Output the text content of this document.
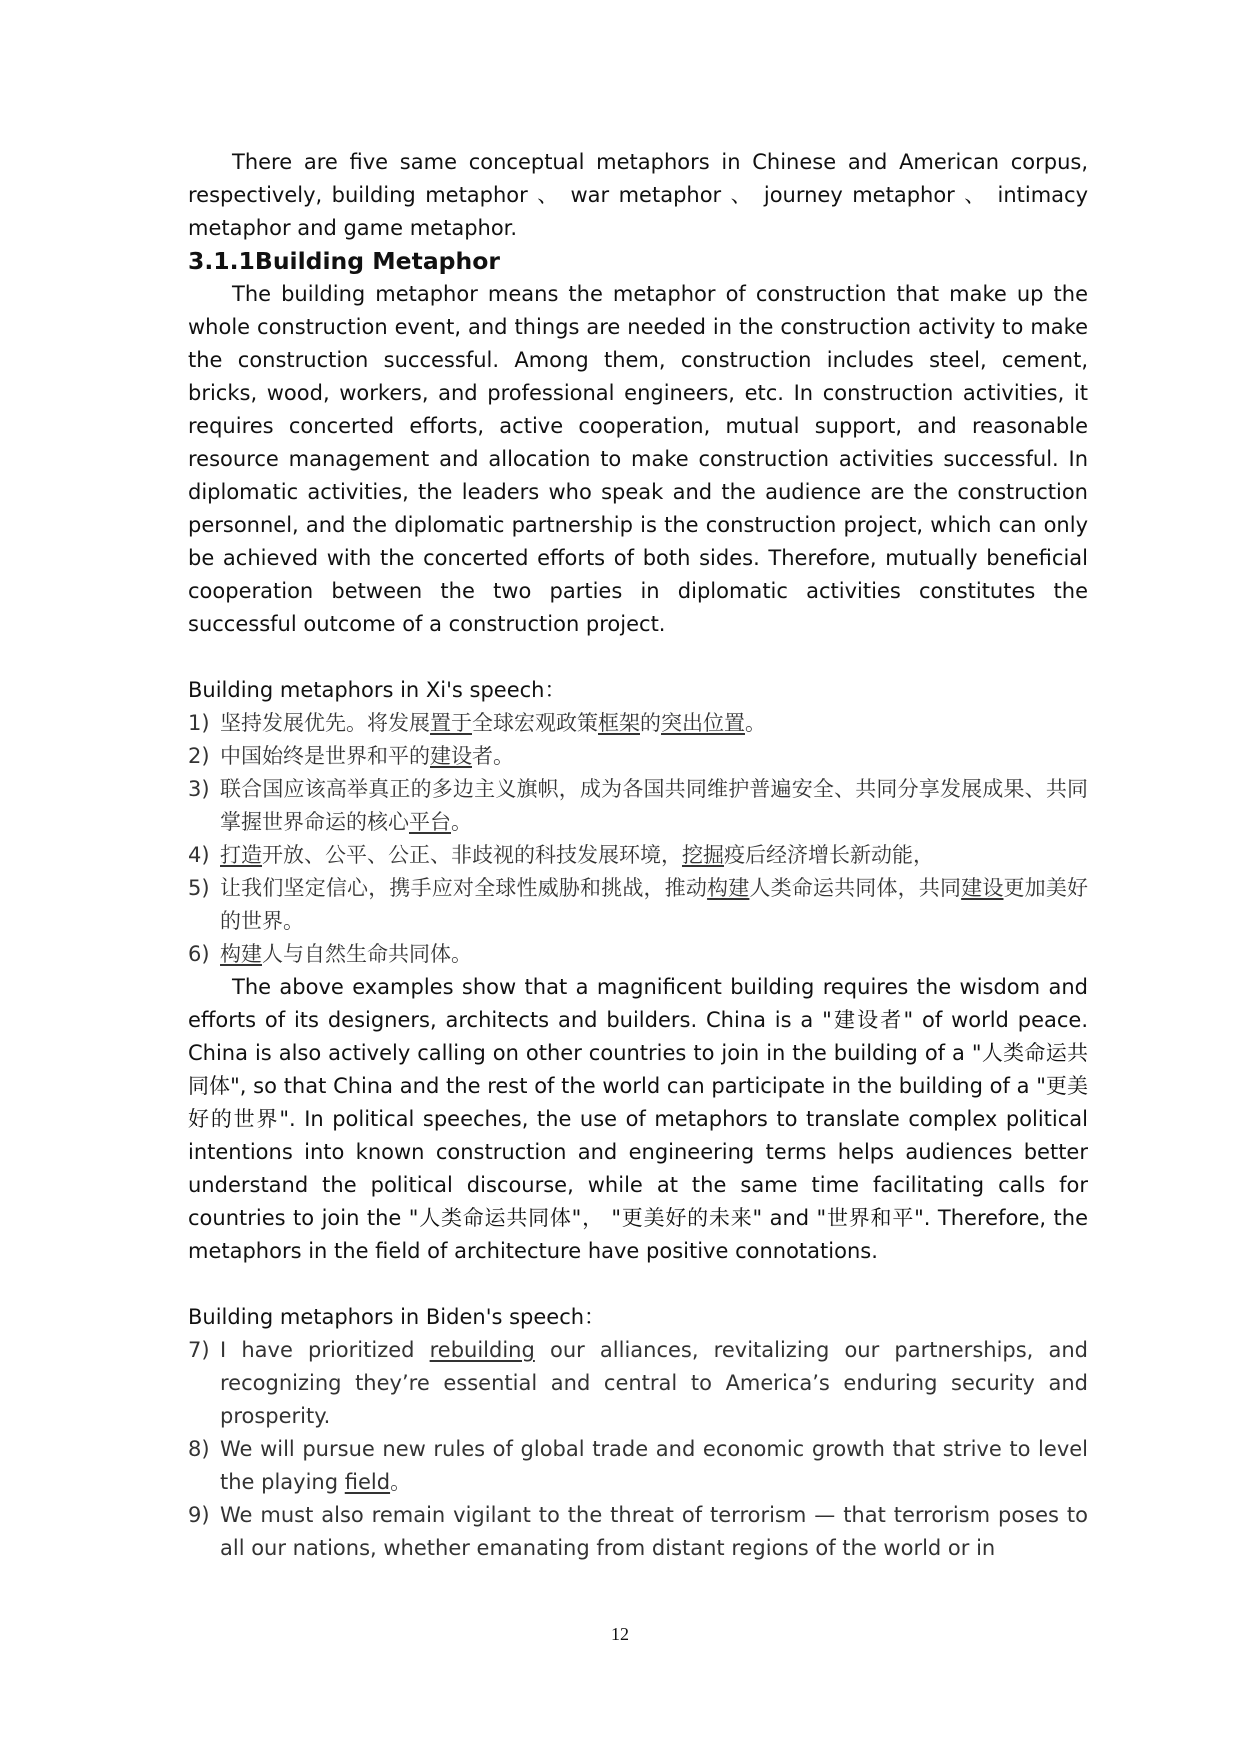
There are five same conceptual metaphors in Chinese and American corpus, respectively, building metaphor 、 war metaphor 、 journey metaphor 、 intimacy metaphor and game metaphor.

3.1.1Building Metaphor

The building metaphor means the metaphor of construction that make up the whole construction event, and things are needed in the construction activity to make the construction successful. Among them, construction includes steel, cement, bricks, wood, workers, and professional engineers, etc. In construction activities, it requires concerted efforts, active cooperation, mutual support, and reasonable resource management and allocation to make construction activities successful. In diplomatic activities, the leaders who speak and the audience are the construction personnel, and the diplomatic partnership is the construction project, which can only be achieved with the concerted efforts of both sides. Therefore, mutually beneficial cooperation between the two parties in diplomatic activities constitutes the successful outcome of a construction project.

Building metaphors in Xi's speech：

1) 坚持发展优先。将发展置于全球宏观政策框架的突出位置。
2) 中国始终是世界和平的建设者。
3) 联合国应该高举真正的多边主义旗帜，成为各国共同维护普遍安全、共同分享发展成果、共同掌握世界命运的核心平台。
4) 打造开放、公平、公正、非歧视的科技发展环境，挖掘疫后经济增长新动能，
5) 让我们坚定信心，携手应对全球性威胁和挑战，推动构建人类命运共同体，共同建设更加美好的世界。
6) 构建人与自然生命共同体。

The above examples show that a magnificent building requires the wisdom and efforts of its designers, architects and builders. China is a "建设者" of world peace. China is also actively calling on other countries to join in the building of a "人类命运共同体", so that China and the rest of the world can participate in the building of a "更美好的世界". In political speeches, the use of metaphors to translate complex political intentions into known construction and engineering terms helps audiences better understand the political discourse, while at the same time facilitating calls for countries to join the "人类命运共同体"， "更美好的未来" and "世界和平". Therefore, the metaphors in the field of architecture have positive connotations.

Building metaphors in Biden's speech：

7) I have prioritized rebuilding our alliances, revitalizing our partnerships, and recognizing they’re essential and central to America’s enduring security and prosperity.
8) We will pursue new rules of global trade and economic growth that strive to level the playing field。
9) We must also remain vigilant to the threat of terrorism — that terrorism poses to all our nations, whether emanating from distant regions of the world or in
12
